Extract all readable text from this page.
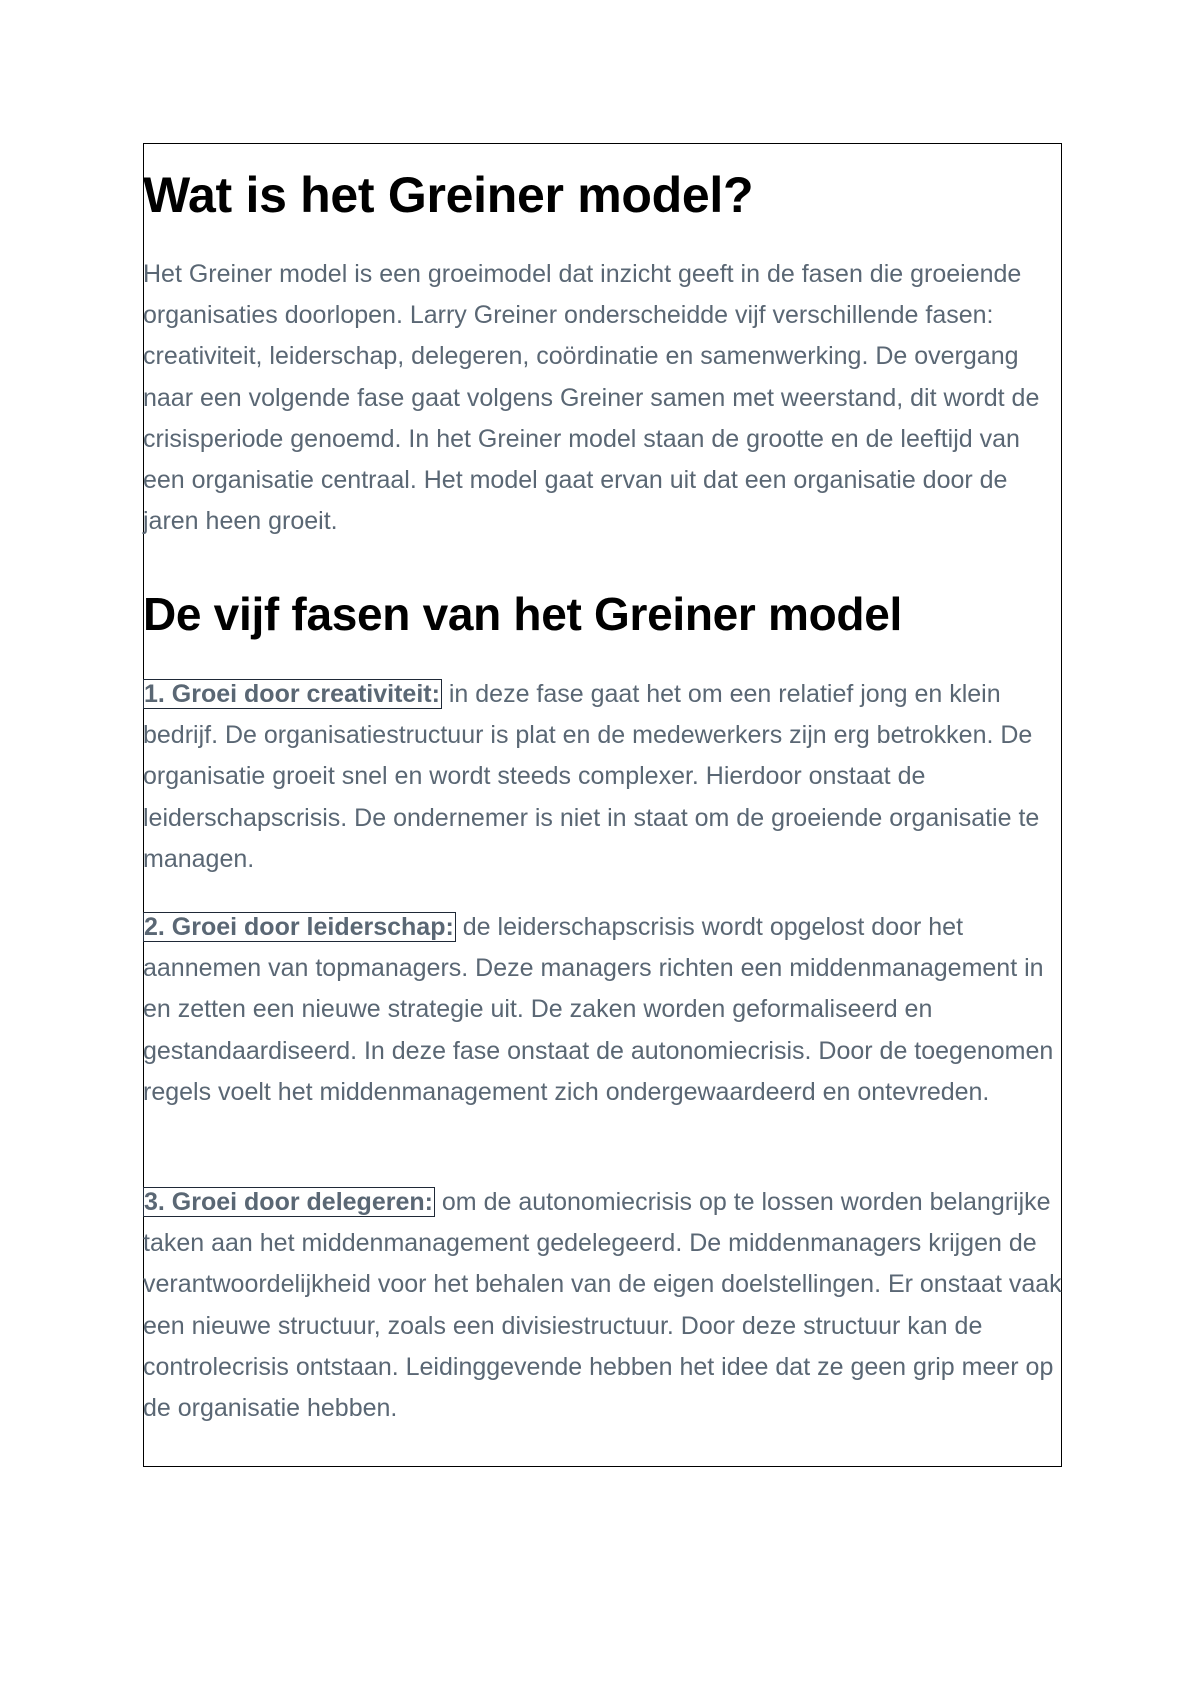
Wat is het Greiner model?

Het Greiner model is een groeimodel dat inzicht geeft in de fasen die groeiende organisaties doorlopen. Larry Greiner onderscheidde vijf verschillende fasen: creativiteit, leiderschap, delegeren, coördinatie en samenwerking. De overgang naar een volgende fase gaat volgens Greiner samen met weerstand, dit wordt de crisisperiode genoemd. In het Greiner model staan de grootte en de leeftijd van een organisatie centraal. Het model gaat ervan uit dat een organisatie door de jaren heen groeit.

De vijf fasen van het Greiner model

1. Groei door creativiteit: in deze fase gaat het om een relatief jong en klein bedrijf. De organisatiestructuur is plat en de medewerkers zijn erg betrokken. De organisatie groeit snel en wordt steeds complexer. Hierdoor onstaat de leiderschapscrisis. De ondernemer is niet in staat om de groeiende organisatie te managen.

2. Groei door leiderschap: de leiderschapscrisis wordt opgelost door het aannemen van topmanagers. Deze managers richten een middenmanagement in en zetten een nieuwe strategie uit. De zaken worden geformaliseerd en gestandaardiseerd. In deze fase onstaat de autonomiecrisis. Door de toegenomen regels voelt het middenmanagement zich ondergewaardeerd en ontevreden.

3. Groei door delegeren: om de autonomiecrisis op te lossen worden belangrijke taken aan het middenmanagement gedelegeerd. De middenmanagers krijgen de verantwoordelijkheid voor het behalen van de eigen doelstellingen. Er onstaat vaak een nieuwe structuur, zoals een divisiestructuur. Door deze structuur kan de controlecrisis ontstaan. Leidinggevende hebben het idee dat ze geen grip meer op de organisatie hebben.
